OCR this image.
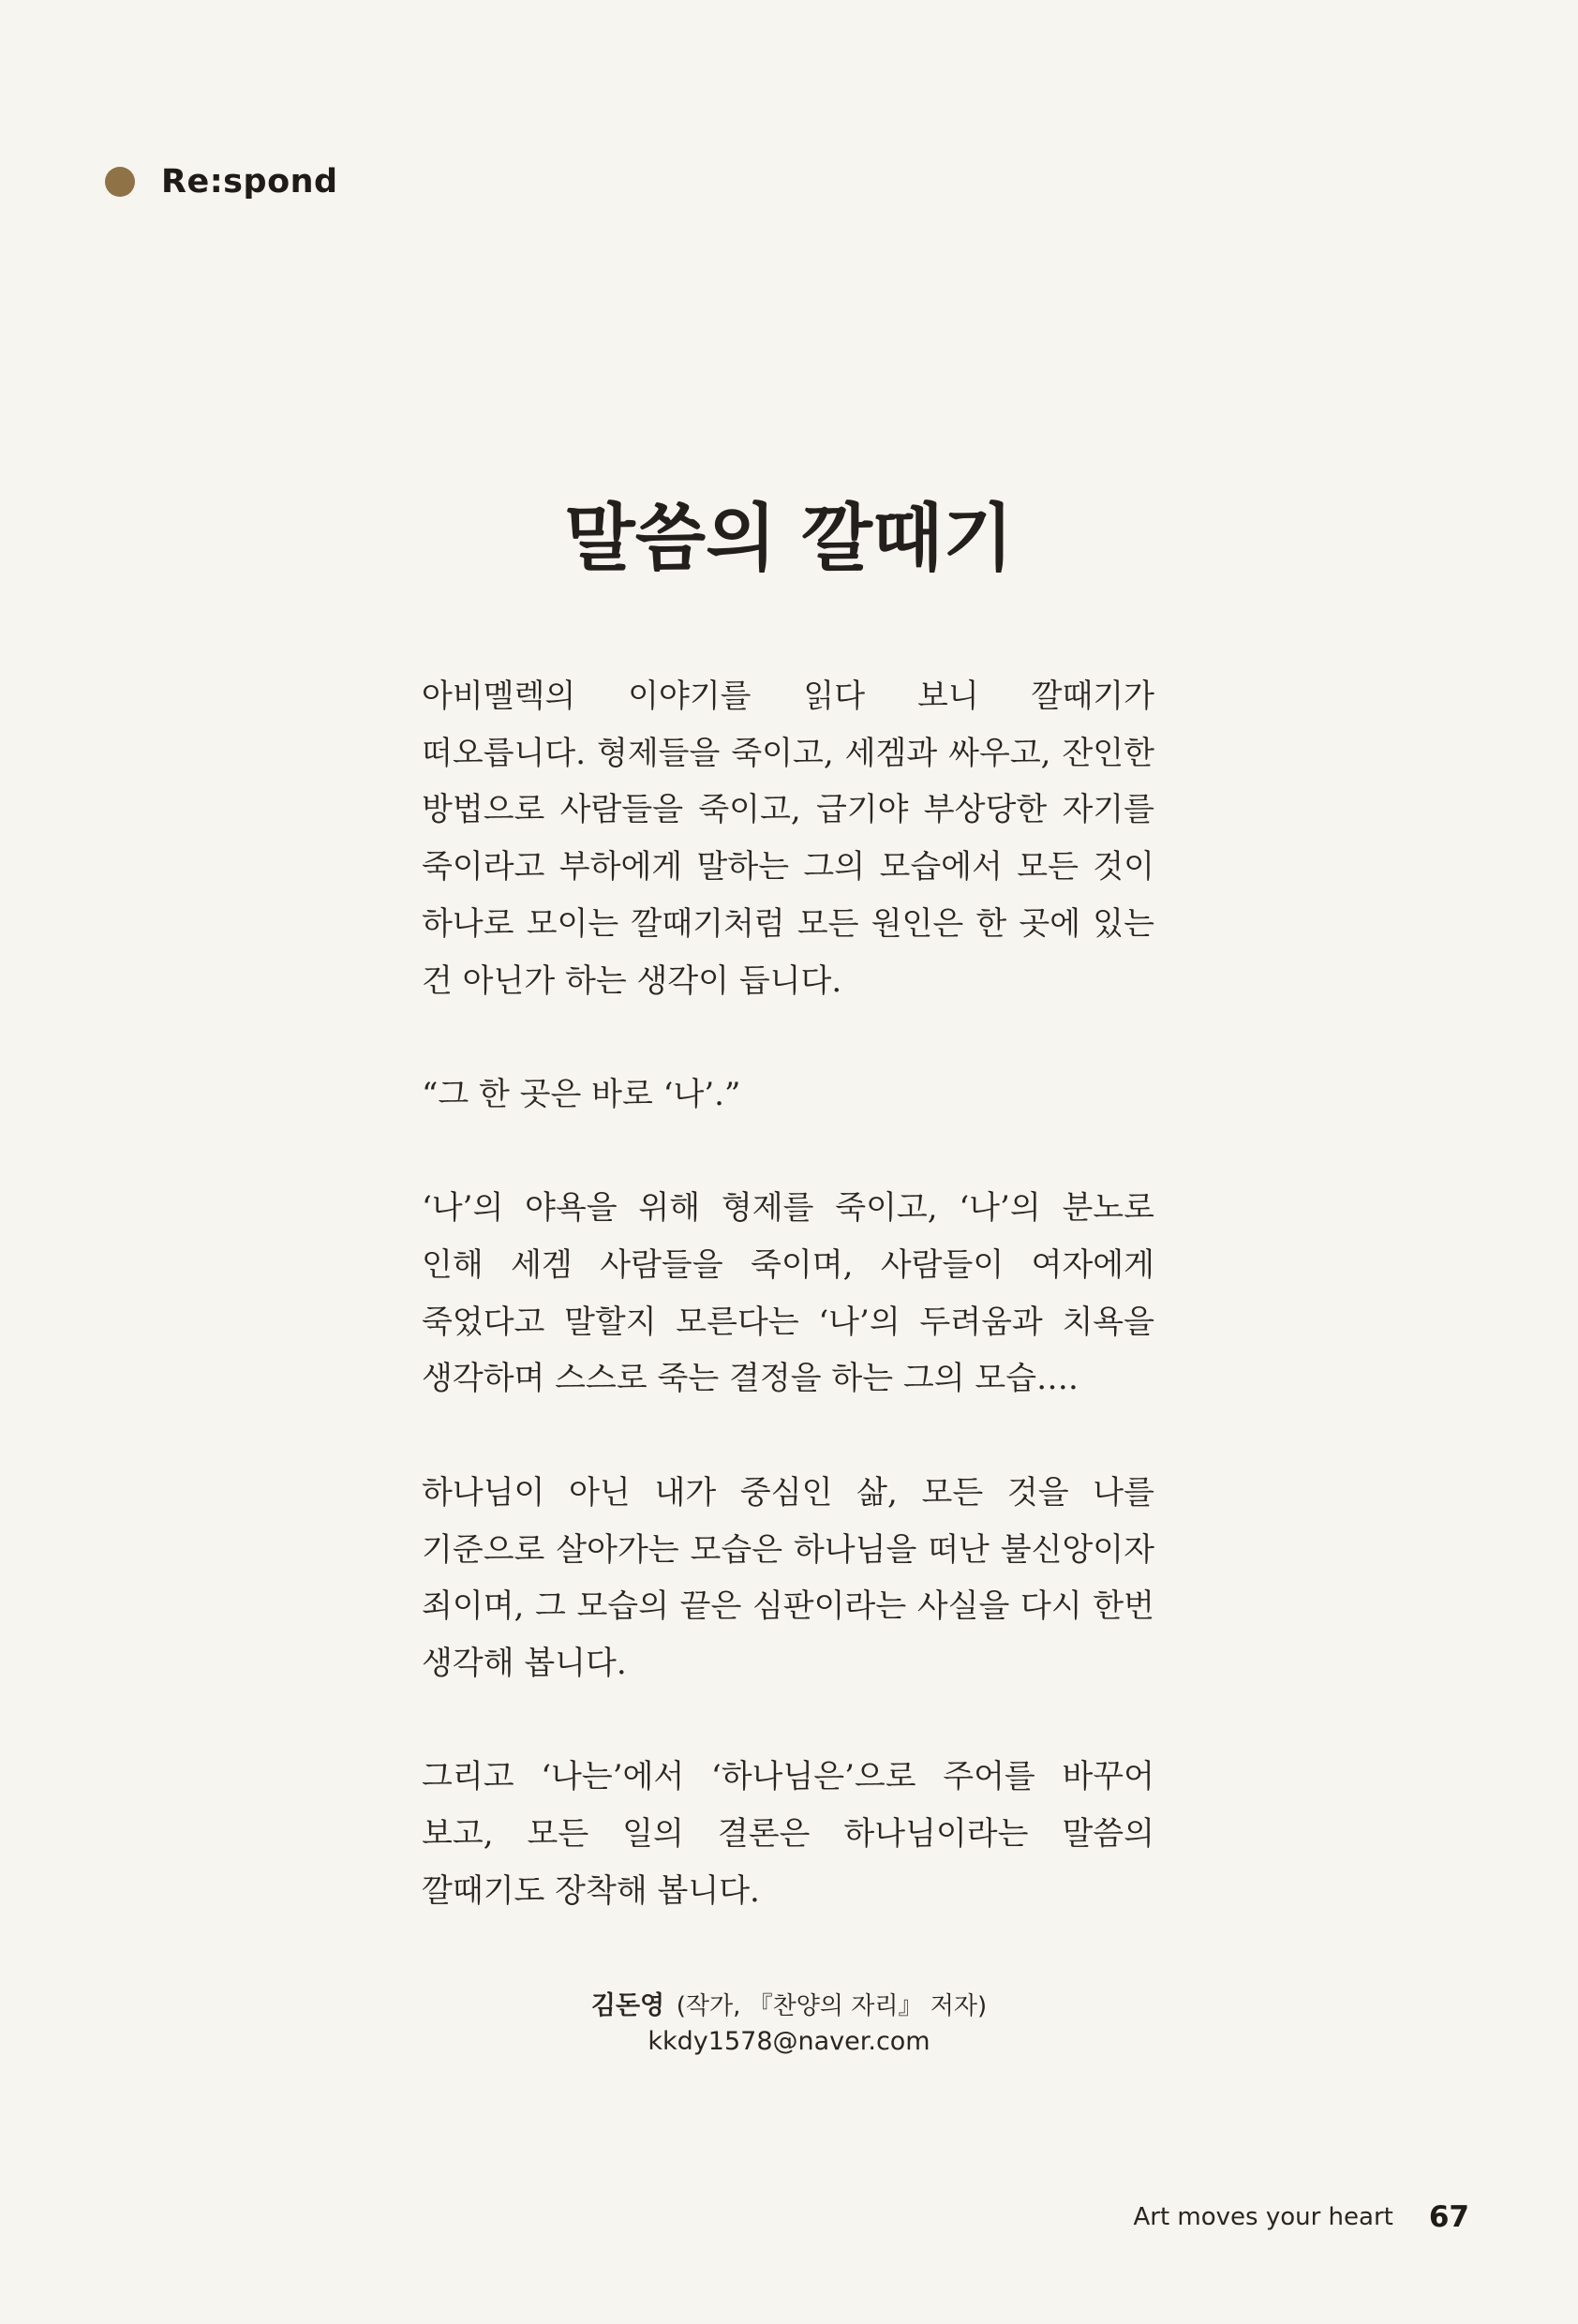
Re:spond
말씀의 깔때기

아비멜렉의 이야기를 읽다 보니 깔때기가 떠오릅니다. 형제들을 죽이고, 세겜과 싸우고, 잔인한 방법으로 사람들을 죽이고, 급기야 부상당한 자기를 죽이라고 부하에게 말하는 그의 모습에서 모든 것이 하나로 모이는 깔때기처럼 모든 원인은 한 곳에 있는 건 아닌가 하는 생각이 듭니다.

“그 한 곳은 바로 ‘나’.”

‘나’의 야욕을 위해 형제를 죽이고, ‘나’의 분노로 인해 세겜 사람들을 죽이며, 사람들이 여자에게 죽었다고 말할지 모른다는 ‘나’의 두려움과 치욕을 생각하며 스스로 죽는 결정을 하는 그의 모습….

하나님이 아닌 내가 중심인 삶, 모든 것을 나를 기준으로 살아가는 모습은 하나님을 떠난 불신앙이자 죄이며, 그 모습의 끝은 심판이라는 사실을 다시 한번 생각해 봅니다.

그리고 ‘나는’에서 ‘하나님은’으로 주어를 바꾸어 보고, 모든 일의 결론은 하나님이라는 말씀의 깔때기도 장착해 봅니다.

김돈영 (작가, 『찬양의 자리』 저자)
kkdy1578@naver.com
Art moves your heart 67
